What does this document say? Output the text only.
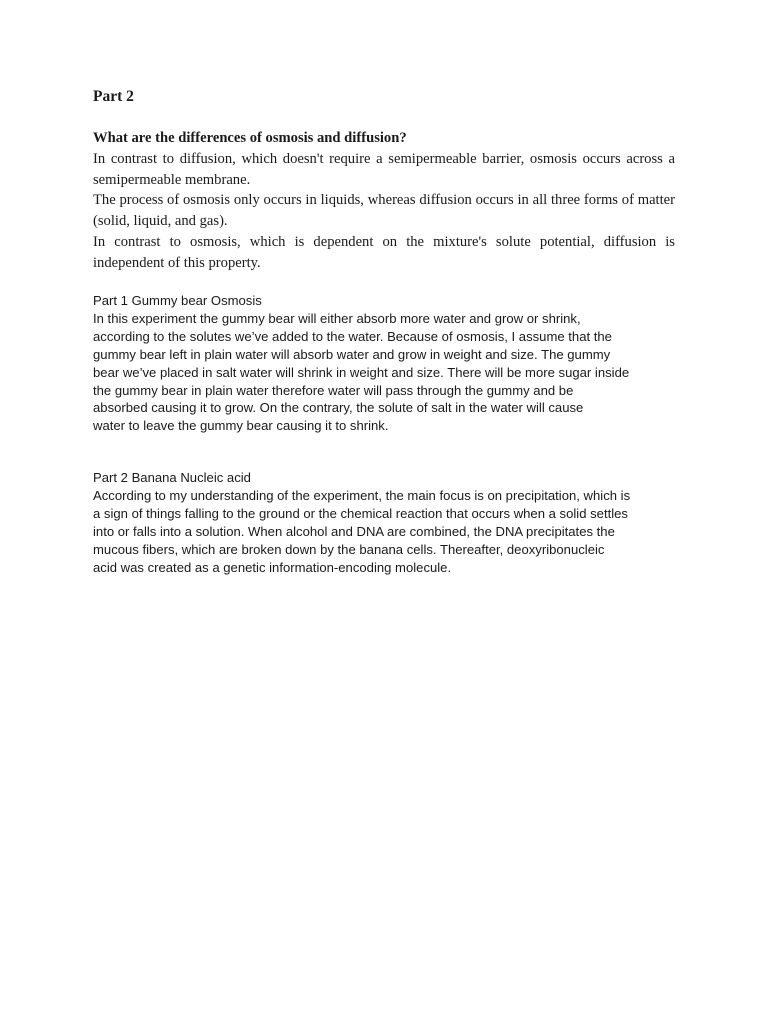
Part 2

What are the differences of osmosis and diffusion?

In contrast to diffusion, which doesn't require a semipermeable barrier, osmosis occurs across a semipermeable membrane.

The process of osmosis only occurs in liquids, whereas diffusion occurs in all three forms of matter (solid, liquid, and gas).

In contrast to osmosis, which is dependent on the mixture's solute potential, diffusion is independent of this property.

Part 1 Gummy bear Osmosis

In this experiment the gummy bear will either absorb more water and grow or shrink,

according to the solutes we’ve added to the water. Because of osmosis, I assume that the

gummy bear left in plain water will absorb water and grow in weight and size. The gummy

bear we’ve placed in salt water will shrink in weight and size. There will be more sugar inside

the gummy bear in plain water therefore water will pass through the gummy and be

absorbed causing it to grow. On the contrary, the solute of salt in the water will cause

water to leave the gummy bear causing it to shrink.

Part 2 Banana Nucleic acid

According to my understanding of the experiment, the main focus is on precipitation, which is

a sign of things falling to the ground or the chemical reaction that occurs when a solid settles

into or falls into a solution. When alcohol and DNA are combined, the DNA precipitates the

mucous fibers, which are broken down by the banana cells. Thereafter, deoxyribonucleic

acid was created as a genetic information-encoding molecule.
